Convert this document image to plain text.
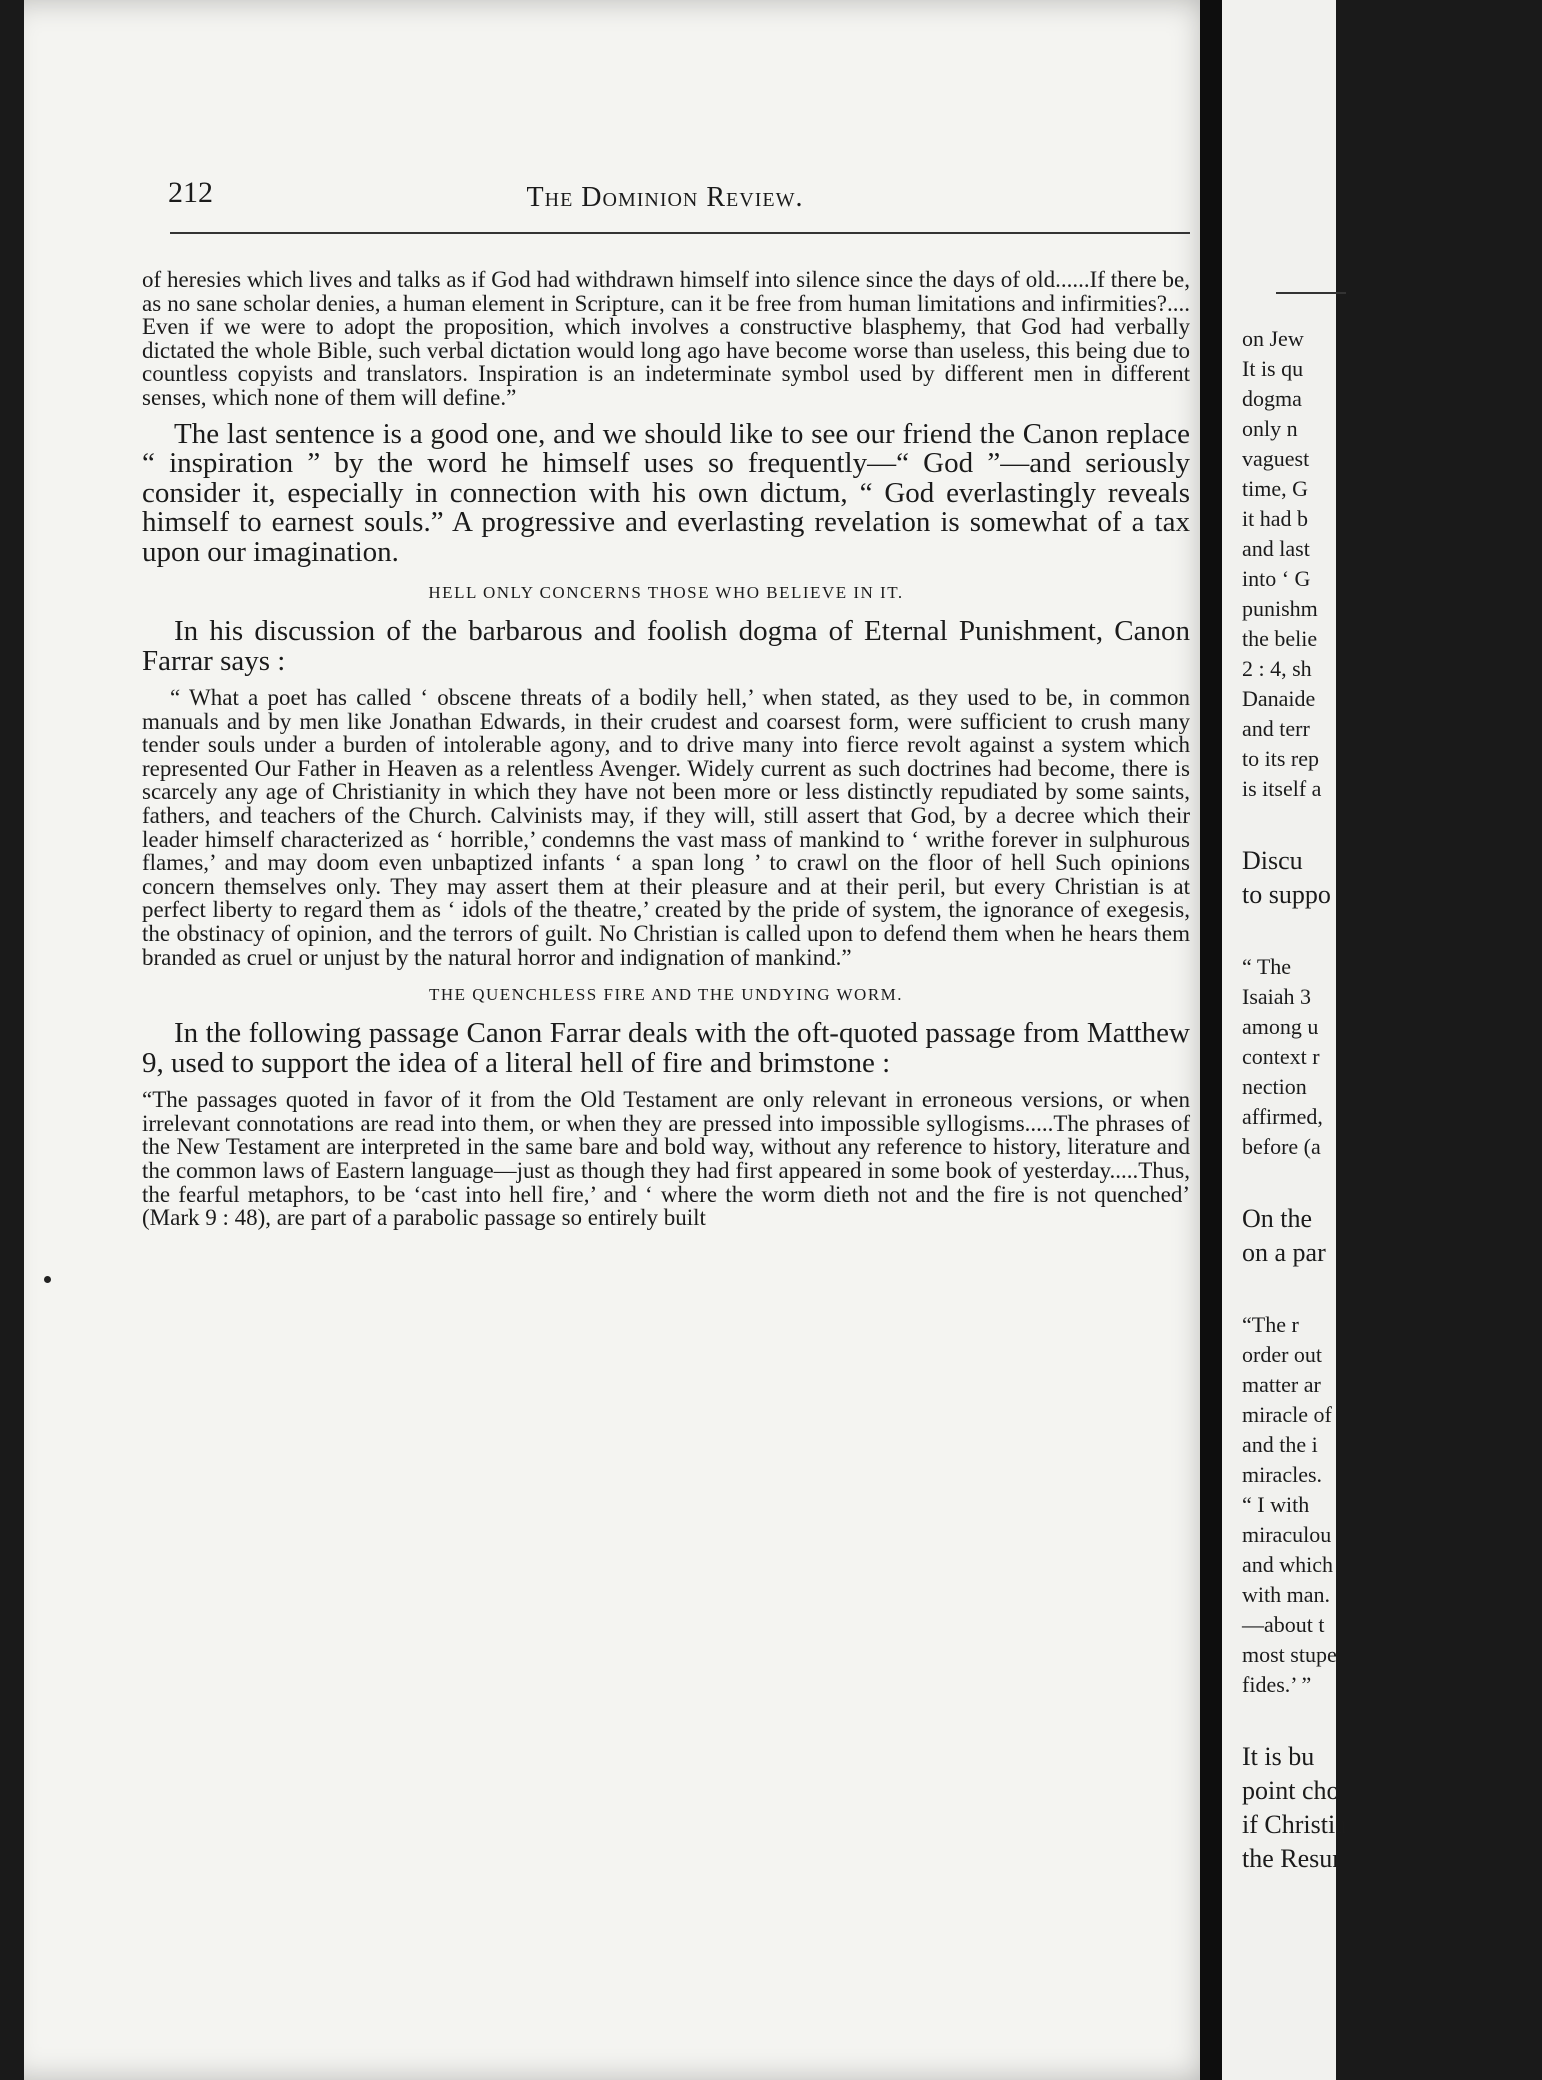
212	The Dominion Review.

of heresies which lives and talks as if God had withdrawn himself into silence since the days of old......If there be, as no sane scholar denies, a human element in Scripture, can it be free from human limitations and infirmities?.... Even if we were to adopt the proposition, which involves a constructive blasphemy, that God had verbally dictated the whole Bible, such verbal dictation would long ago have become worse than useless, this being due to countless copyists and translators. Inspiration is an indeterminate symbol used by different men in different senses, which none of them will define.”

The last sentence is a good one, and we should like to see our friend the Canon replace “ inspiration ” by the word he himself uses so frequently—“ God ”—and seriously consider it, especially in connection with his own dictum, “ God everlastingly reveals himself to earnest souls.” A progressive and everlasting revelation is somewhat of a tax upon our imagination.

HELL ONLY CONCERNS THOSE WHO BELIEVE IN IT.

In his discussion of the barbarous and foolish dogma of Eternal Punishment, Canon Farrar says :

“ What a poet has called ‘ obscene threats of a bodily hell,’ when stated, as they used to be, in common manuals and by men like Jonathan Edwards, in their crudest and coarsest form, were sufficient to crush many tender souls under a burden of intolerable agony, and to drive many into fierce revolt against a system which represented Our Father in Heaven as a relentless Avenger. Widely current as such doctrines had become, there is scarcely any age of Christianity in which they have not been more or less distinctly repudiated by some saints, fathers, and teachers of the Church. Calvinists may, if they will, still assert that God, by a decree which their leader himself characterized as ‘ horrible,’ condemns the vast mass of mankind to ‘ writhe forever in sulphurous flames,’ and may doom even unbaptized infants ‘ a span long ’ to crawl on the floor of hell Such opinions concern themselves only. They may assert them at their pleasure and at their peril, but every Christian is at perfect liberty to regard them as ‘ idols of the theatre,’ created by the pride of system, the ignorance of exegesis, the obstinacy of opinion, and the terrors of guilt. No Christian is called upon to defend them when he hears them branded as cruel or unjust by the natural horror and indignation of mankind.”

THE QUENCHLESS FIRE AND THE UNDYING WORM.

In the following passage Canon Farrar deals with the oft-quoted passage from Matthew 9, used to support the idea of a literal hell of fire and brimstone :

“The passages quoted in favor of it from the Old Testament are only relevant in erroneous versions, or when irrelevant connotations are read into them, or when they are pressed into impossible syllogisms.....The phrases of the New Testament are interpreted in the same bare and bold way, without any reference to history, literature and the common laws of Eastern language—just as though they had first appeared in some book of yesterday.....Thus, the fearful metaphors, to be ‘cast into hell fire,’ and ‘ where the worm dieth not and the fire is not quenched’ (Mark 9 : 48), are part of a parabolic passage so entirely built

on Jew
It is qu
dogma
only n
vaguest
time, G
it had b
and last
into ‘ G
punishm
the belie
2 : 4, sh
Danaide
and terr
to its rep
is itself a
Discu
to suppo
“ The
Isaiah 3
among u
context r
nection
affirmed,
before (a
On the
on a par
“The r
order out
matter ar
miracle of
and the i
miracles.
“ I with
miraculou
and which
with man.
—about t
most stupe
fides.’ ”
It is bu
point cho
if Christia
the Resur
